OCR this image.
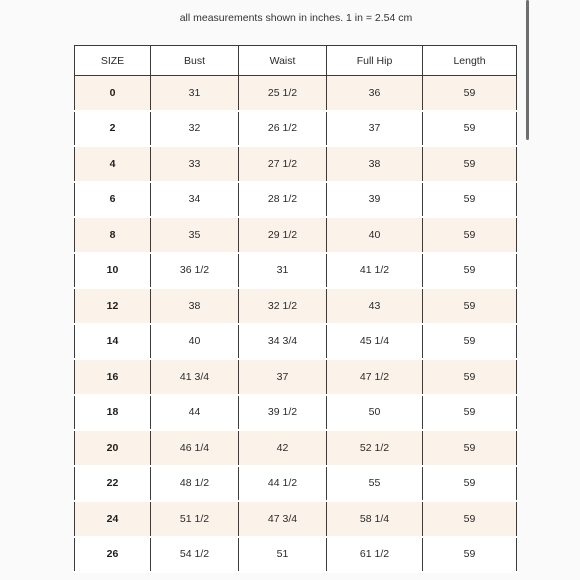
all measurements shown in inches. 1 in = 2.54 cm
SIZE	Bust	Waist	Full Hip	Length
0	31	25 1/2	36	59
2	32	26 1/2	37	59
4	33	27 1/2	38	59
6	34	28 1/2	39	59
8	35	29 1/2	40	59
10	36 1/2	31	41 1/2	59
12	38	32 1/2	43	59
14	40	34 3/4	45 1/4	59
16	41 3/4	37	47 1/2	59
18	44	39 1/2	50	59
20	46 1/4	42	52 1/2	59
22	48 1/2	44 1/2	55	59
24	51 1/2	47 3/4	58 1/4	59
26	54 1/2	51	61 1/2	59
